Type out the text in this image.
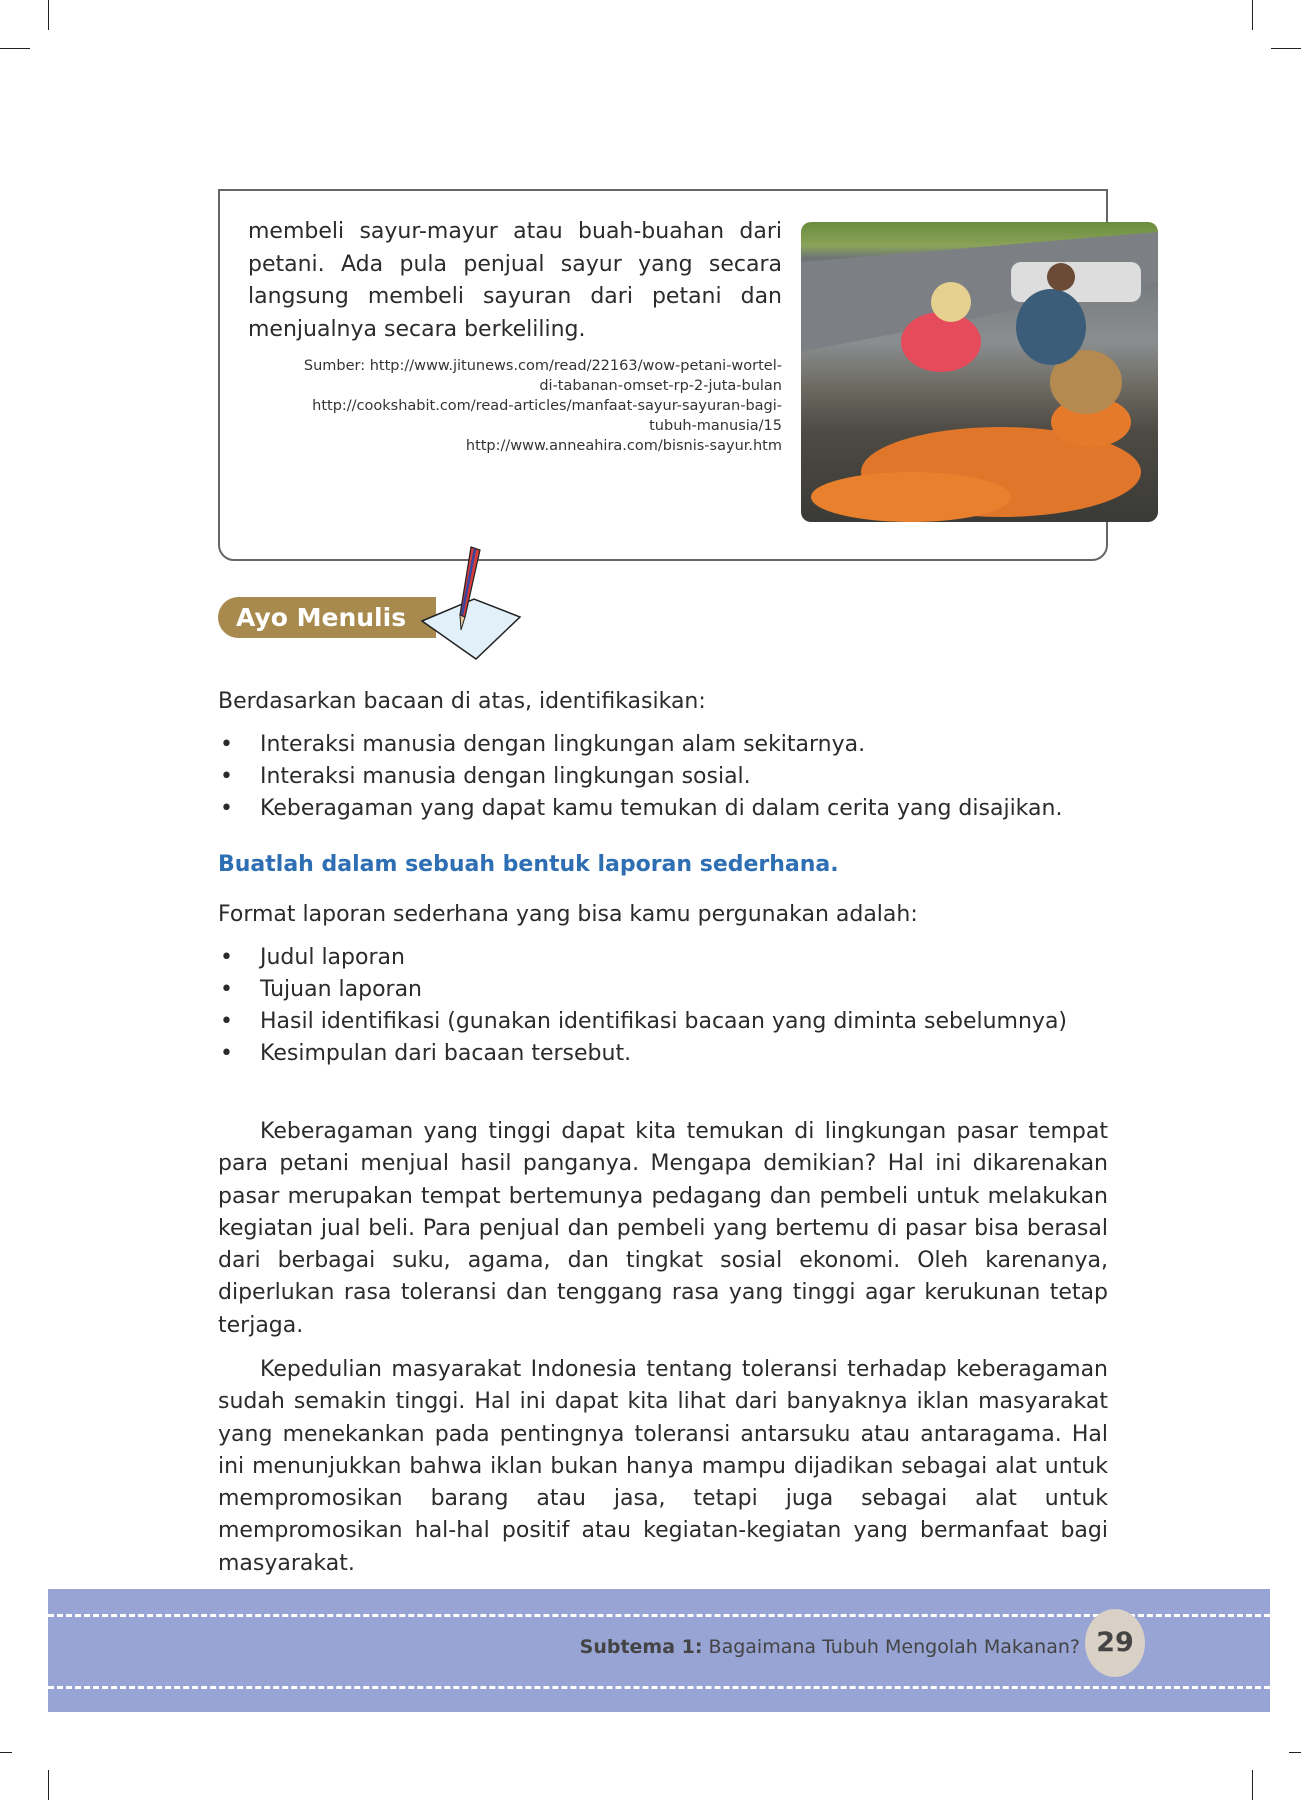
membeli sayur-mayur atau buah-buahan dari petani. Ada pula penjual sayur yang secara langsung membeli sayuran dari petani dan menjualnya secara berkeliling.
Sumber: http://www.jitunews.com/read/22163/wow-petani-wortel-
di-tabanan-omset-rp-2-juta-bulan
http://cookshabit.com/read-articles/manfaat-sayur-sayuran-bagi-
tubuh-manusia/15
http://www.anneahira.com/bisnis-sayur.htm
Ayo Menulis
Berdasarkan bacaan di atas, identifikasikan:
• Interaksi manusia dengan lingkungan alam sekitarnya.
• Interaksi manusia dengan lingkungan sosial.
• Keberagaman yang dapat kamu temukan di dalam cerita yang disajikan.
Buatlah dalam sebuah bentuk laporan sederhana.
Format laporan sederhana yang bisa kamu pergunakan adalah:
• Judul laporan
• Tujuan laporan
• Hasil identifikasi (gunakan identifikasi bacaan yang diminta sebelumnya)
• Kesimpulan dari bacaan tersebut.
Keberagaman yang tinggi dapat kita temukan di lingkungan pasar tempat para petani menjual hasil panganya. Mengapa demikian? Hal ini dikarenakan pasar merupakan tempat bertemunya pedagang dan pembeli untuk melakukan kegiatan jual beli. Para penjual dan pembeli yang bertemu di pasar bisa berasal dari berbagai suku, agama, dan tingkat sosial ekonomi. Oleh karenanya, diperlukan rasa toleransi dan tenggang rasa yang tinggi agar kerukunan tetap terjaga.
Kepedulian masyarakat Indonesia tentang toleransi terhadap keberagaman sudah semakin tinggi. Hal ini dapat kita lihat dari banyaknya iklan masyarakat yang menekankan pada pentingnya toleransi antarsuku atau antaragama. Hal ini menunjukkan bahwa iklan bukan hanya mampu dijadikan sebagai alat untuk mempromosikan barang atau jasa, tetapi juga sebagai alat untuk mempromosikan hal-hal positif atau kegiatan-kegiatan yang bermanfaat bagi masyarakat.
Subtema 1: Bagaimana Tubuh Mengolah Makanan? 29
